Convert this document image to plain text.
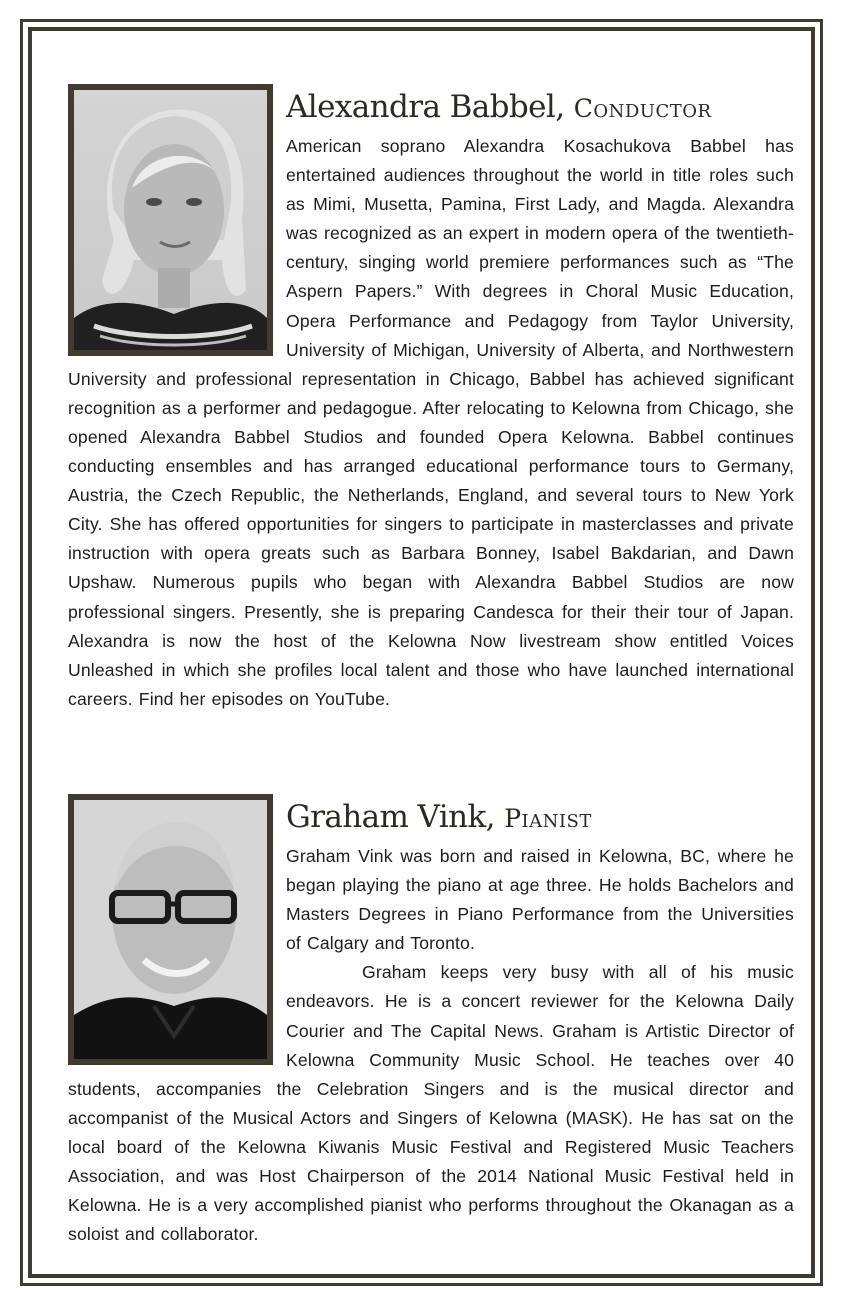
Alexandra Babbel, Conductor

American soprano Alexandra Kosachukova Babbel has entertained audiences throughout the world in title roles such as Mimi, Musetta, Pamina, First Lady, and Magda. Alexandra was recognized as an expert in modern opera of the twentieth-century, singing world premiere performances such as “The Aspern Papers.” With degrees in Choral Music Education, Opera Performance and Pedagogy from Taylor University, University of Michigan, University of Alberta, and Northwestern University and professional representation in Chicago, Babbel has achieved significant recognition as a performer and pedagogue. After relocating to Kelowna from Chicago, she opened Alexandra Babbel Studios and founded Opera Kelowna. Babbel continues conducting ensembles and has arranged educational performance tours to Germany, Austria, the Czech Republic, the Netherlands, England, and several tours to New York City. She has offered opportunities for singers to participate in masterclasses and private instruction with opera greats such as Barbara Bonney, Isabel Bakdarian, and Dawn Upshaw. Numerous pupils who began with Alexandra Babbel Studios are now professional singers. Presently, she is preparing Candesca for their their tour of Japan. Alexandra is now the host of the Kelowna Now livestream show entitled Voices Unleashed in which she profiles local talent and those who have launched international careers. Find her episodes on YouTube.

Graham Vink, Pianist

Graham Vink was born and raised in Kelowna, BC, where he began playing the piano at age three. He holds Bachelors and Masters Degrees in Piano Performance from the Universities of Calgary and Toronto.

Graham keeps very busy with all of his music endeavors. He is a concert reviewer for the Kelowna Daily Courier and The Capital News. Graham is Artistic Director of Kelowna Community Music School. He teaches over 40 students, accompanies the Celebration Singers and is the musical director and accompanist of the Musical Actors and Singers of Kelowna (MASK). He has sat on the local board of the Kelowna Kiwanis Music Festival and Registered Music Teachers Association, and was Host Chairperson of the 2014 National Music Festival held in Kelowna. He is a very accomplished pianist who performs throughout the Okanagan as a soloist and collaborator.
